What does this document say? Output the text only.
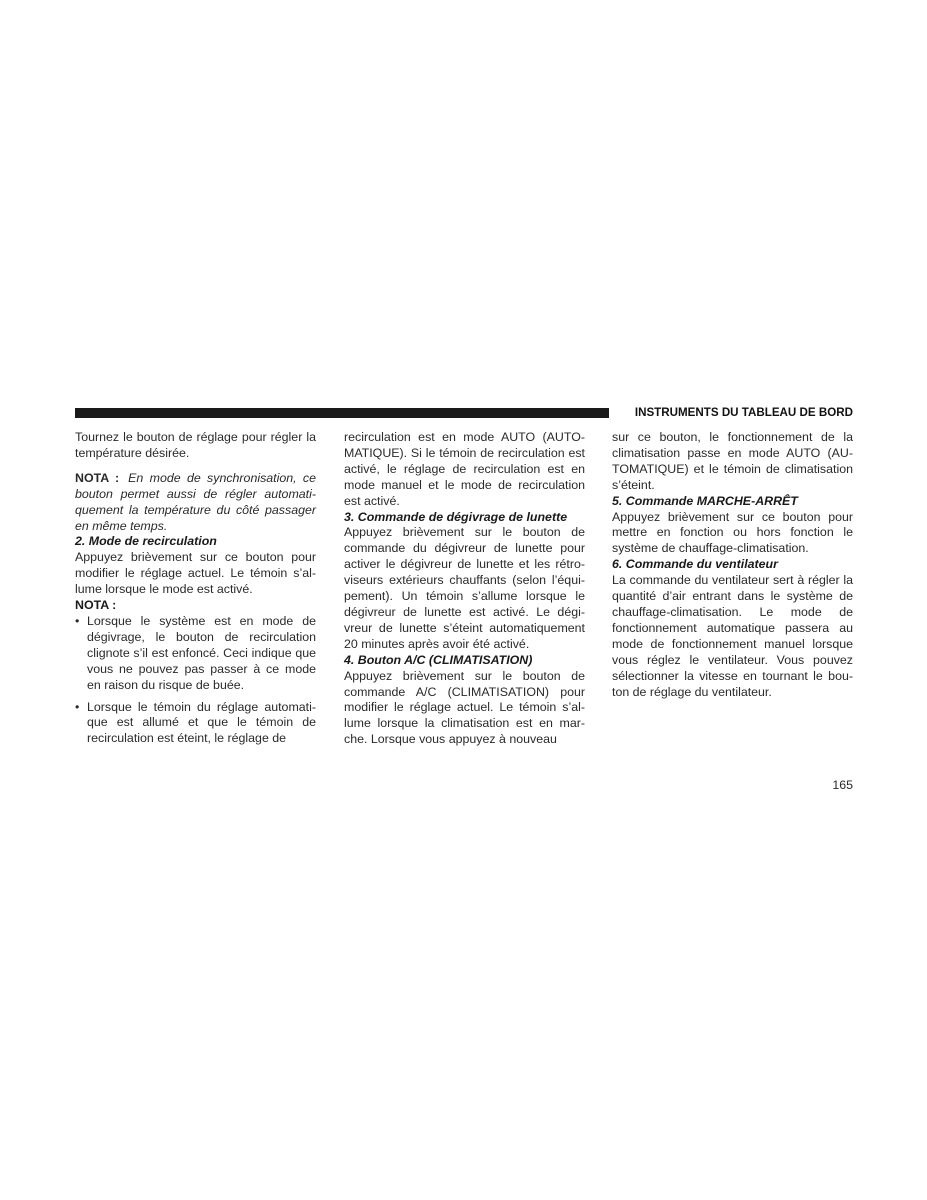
INSTRUMENTS DU TABLEAU DE BORD

Tournez le bouton de réglage pour régler la température désirée.

NOTA : En mode de synchronisation, ce bouton permet aussi de régler automatiquement la température du côté passager en même temps.

2. Mode de recirculation

Appuyez brièvement sur ce bouton pour modifier le réglage actuel. Le témoin s’allume lorsque le mode est activé.

NOTA :

• Lorsque le système est en mode de dégivrage, le bouton de recirculation clignote s’il est enfoncé. Ceci indique que vous ne pouvez pas passer à ce mode en raison du risque de buée.
• Lorsque le témoin du réglage automatique est allumé et que le témoin de recirculation est éteint, le réglage de

recirculation est en mode AUTO (AUTOMATIQUE). Si le témoin de recirculation est activé, le réglage de recirculation est en mode manuel et le mode de recirculation est activé.

3. Commande de dégivrage de lunette

Appuyez brièvement sur le bouton de commande du dégivreur de lunette pour activer le dégivreur de lunette et les rétroviseurs extérieurs chauffants (selon l’équipement). Un témoin s’allume lorsque le dégivreur de lunette est activé. Le dégivreur de lunette s’éteint automatiquement 20 minutes après avoir été activé.

4. Bouton A/C (CLIMATISATION)

Appuyez brièvement sur le bouton de commande A/C (CLIMATISATION) pour modifier le réglage actuel. Le témoin s’allume lorsque la climatisation est en marche. Lorsque vous appuyez à nouveau

sur ce bouton, le fonctionnement de la climatisation passe en mode AUTO (AUTOMATIQUE) et le témoin de climatisation s’éteint.

5. Commande MARCHE-ARRÊT

Appuyez brièvement sur ce bouton pour mettre en fonction ou hors fonction le système de chauffage-climatisation.

6. Commande du ventilateur

La commande du ventilateur sert à régler la quantité d’air entrant dans le système de chauffage-climatisation. Le mode de fonctionnement automatique passera au mode de fonctionnement manuel lorsque vous réglez le ventilateur. Vous pouvez sélectionner la vitesse en tournant le bouton de réglage du ventilateur.

165
